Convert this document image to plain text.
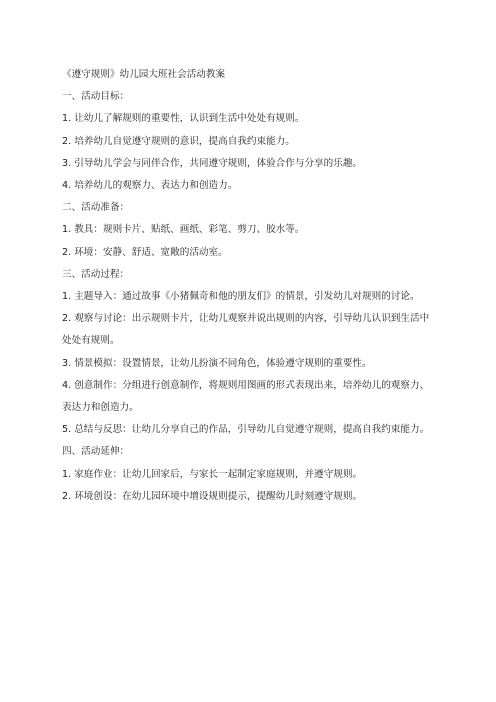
《遵守规则》幼儿园大班社会活动教案

一、活动目标：

1. 让幼儿了解规则的重要性，认识到生活中处处有规则。

2. 培养幼儿自觉遵守规则的意识，提高自我约束能力。

3. 引导幼儿学会与同伴合作，共同遵守规则，体验合作与分享的乐趣。

4. 培养幼儿的观察力、表达力和创造力。

二、活动准备：

1. 教具：规则卡片、贴纸、画纸、彩笔、剪刀、胶水等。

2. 环境：安静、舒适、宽敞的活动室。

三、活动过程：

1. 主题导入：通过故事《小猪佩奇和他的朋友们》的情景，引发幼儿对规则的讨论。

2. 观察与讨论：出示规则卡片，让幼儿观察并说出规则的内容，引导幼儿认识到生活中处处有规则。

3. 情景模拟：设置情景，让幼儿扮演不同角色，体验遵守规则的重要性。

4. 创意制作：分组进行创意制作，将规则用图画的形式表现出来，培养幼儿的观察力、表达力和创造力。

5. 总结与反思：让幼儿分享自己的作品，引导幼儿自觉遵守规则，提高自我约束能力。

四、活动延伸：

1. 家庭作业：让幼儿回家后，与家长一起制定家庭规则，并遵守规则。

2. 环境创设：在幼儿园环境中增设规则提示，提醒幼儿时刻遵守规则。
